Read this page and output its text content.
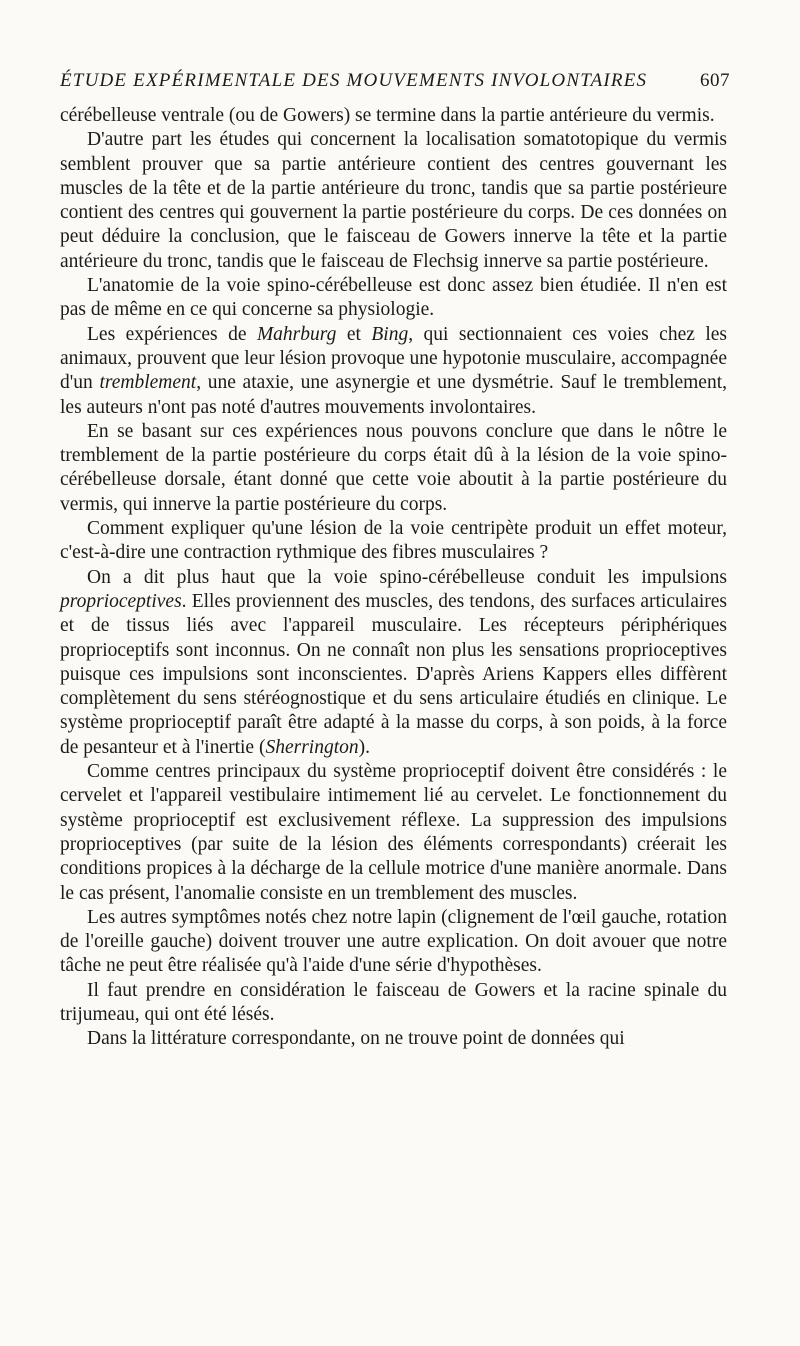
ÉTUDE EXPÉRIMENTALE DES MOUVEMENTS INVOLONTAIRES	607

cérébelleuse ventrale (ou de Gowers) se termine dans la partie antérieure du vermis.

D'autre part les études qui concernent la localisation somatotopique du vermis semblent prouver que sa partie antérieure contient des centres gouvernant les muscles de la tête et de la partie antérieure du tronc, tandis que sa partie postérieure contient des centres qui gouvernent la partie postérieure du corps. De ces données on peut déduire la conclusion, que le faisceau de Gowers innerve la tête et la partie antérieure du tronc, tandis que le faisceau de Flechsig innerve sa partie postérieure.

L'anatomie de la voie spino-cérébelleuse est donc assez bien étudiée. Il n'en est pas de même en ce qui concerne sa physiologie.

Les expériences de Mahrburg et Bing, qui sectionnaient ces voies chez les animaux, prouvent que leur lésion provoque une hypotonie musculaire, accompagnée d'un tremblement, une ataxie, une asynergie et une dysmétrie. Sauf le tremblement, les auteurs n'ont pas noté d'autres mouvements involontaires.

En se basant sur ces expériences nous pouvons conclure que dans le nôtre le tremblement de la partie postérieure du corps était dû à la lésion de la voie spino-cérébelleuse dorsale, étant donné que cette voie aboutit à la partie postérieure du vermis, qui innerve la partie postérieure du corps.

Comment expliquer qu'une lésion de la voie centripète produit un effet moteur, c'est-à-dire une contraction rythmique des fibres musculaires ?

On a dit plus haut que la voie spino-cérébelleuse conduit les impulsions proprioceptives. Elles proviennent des muscles, des tendons, des surfaces articulaires et de tissus liés avec l'appareil musculaire. Les récepteurs périphériques proprioceptifs sont inconnus. On ne connaît non plus les sensations proprioceptives puisque ces impulsions sont inconscientes. D'après Ariens Kappers elles diffèrent complètement du sens stéréognostique et du sens articulaire étudiés en clinique. Le système proprioceptif paraît être adapté à la masse du corps, à son poids, à la force de pesanteur et à l'inertie (Sherrington).

Comme centres principaux du système proprioceptif doivent être considérés : le cervelet et l'appareil vestibulaire intimement lié au cervelet. Le fonctionnement du système proprioceptif est exclusivement réflexe. La suppression des impulsions proprioceptives (par suite de la lésion des éléments correspondants) créerait les conditions propices à la décharge de la cellule motrice d'une manière anormale. Dans le cas présent, l'anomalie consiste en un tremblement des muscles.

Les autres symptômes notés chez notre lapin (clignement de l'œil gauche, rotation de l'oreille gauche) doivent trouver une autre explication. On doit avouer que notre tâche ne peut être réalisée qu'à l'aide d'une série d'hypothèses.

Il faut prendre en considération le faisceau de Gowers et la racine spinale du trijumeau, qui ont été lésés.

Dans la littérature correspondante, on ne trouve point de données qui
